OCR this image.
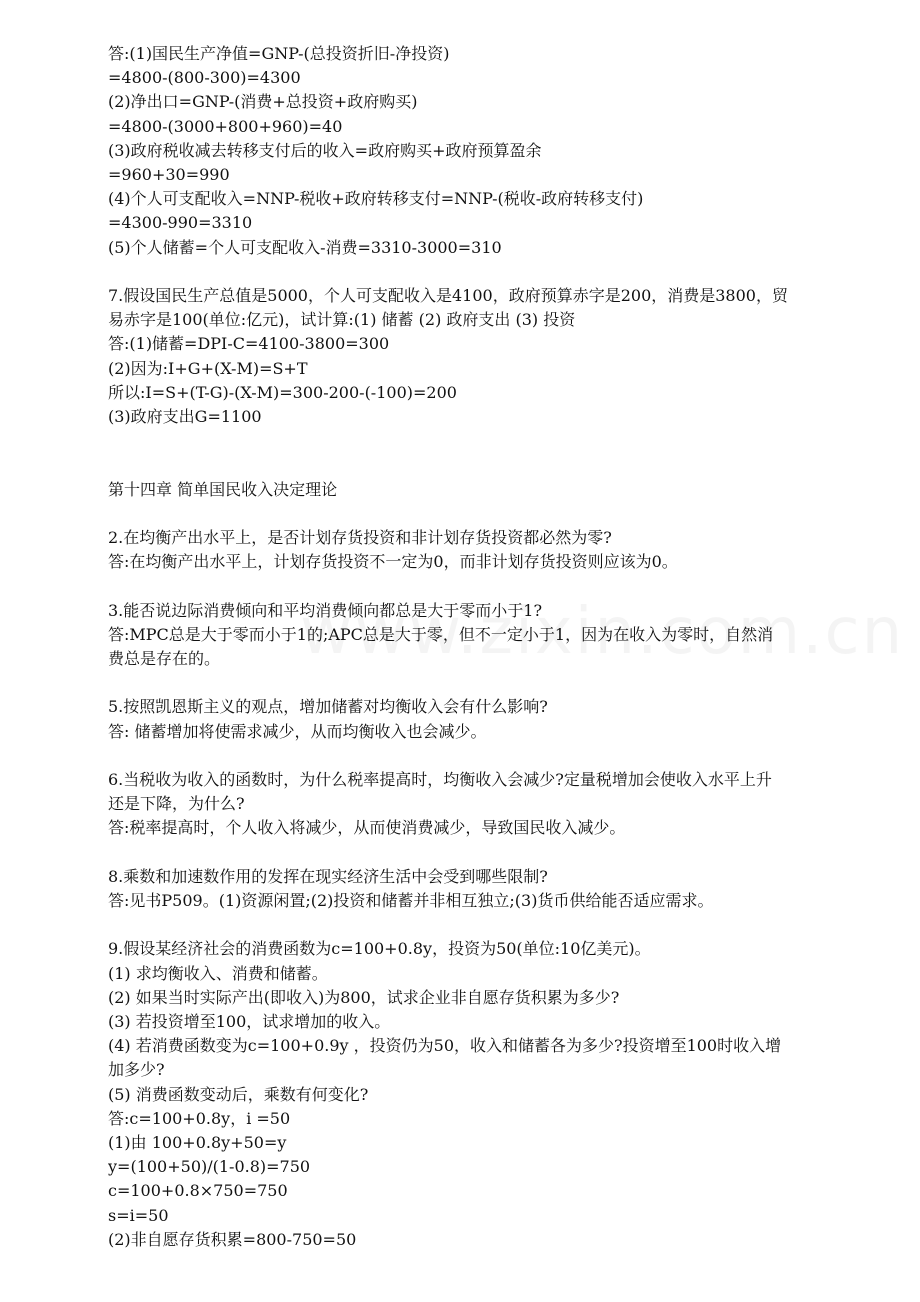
答:(1)国民生产净值=GNP-(总投资折旧-净投资)
=4800-(800-300)=4300
(2)净出口=GNP-(消费+总投资+政府购买)
=4800-(3000+800+960)=40
(3)政府税收减去转移支付后的收入=政府购买+政府预算盈余
=960+30=990
(4)个人可支配收入=NNP-税收+政府转移支付=NNP-(税收-政府转移支付)
=4300-990=3310
(5)个人储蓄=个人可支配收入-消费=3310-3000=310
7.假设国民生产总值是5000，个人可支配收入是4100，政府预算赤字是200，消费是3800，贸
易赤字是100(单位:亿元)，试计算:(1) 储蓄 (2) 政府支出 (3) 投资
答:(1)储蓄=DPI-C=4100-3800=300
(2)因为:I+G+(X-M)=S+T
所以:I=S+(T-G)-(X-M)=300-200-(-100)=200
(3)政府支出G=1100
第十四章 简单国民收入决定理论
2.在均衡产出水平上，是否计划存货投资和非计划存货投资都必然为零?
答:在均衡产出水平上，计划存货投资不一定为0，而非计划存货投资则应该为0。
3.能否说边际消费倾向和平均消费倾向都总是大于零而小于1?
答:MPC总是大于零而小于1的;APC总是大于零，但不一定小于1，因为在收入为零时，自然消
费总是存在的。
5.按照凯恩斯主义的观点，增加储蓄对均衡收入会有什么影响?
答: 储蓄增加将使需求减少，从而均衡收入也会减少。
6.当税收为收入的函数时，为什么税率提高时，均衡收入会减少?定量税增加会使收入水平上升
还是下降，为什么?
答:税率提高时，个人收入将减少，从而使消费减少，导致国民收入减少。
8.乘数和加速数作用的发挥在现实经济生活中会受到哪些限制?
答:见书P509。(1)资源闲置;(2)投资和储蓄并非相互独立;(3)货币供给能否适应需求。
9.假设某经济社会的消费函数为c=100+0.8y，投资为50(单位:10亿美元)。
(1) 求均衡收入、消费和储蓄。
(2) 如果当时实际产出(即收入)为800，试求企业非自愿存货积累为多少?
(3) 若投资增至100，试求增加的收入。
(4) 若消费函数变为c=100+0.9y ，投资仍为50，收入和储蓄各为多少?投资增至100时收入增
加多少?
(5) 消费函数变动后，乘数有何变化?
答:c=100+0.8y，i =50
(1)由 100+0.8y+50=y
y=(100+50)/(1-0.8)=750
c=100+0.8×750=750
s=i=50
(2)非自愿存货积累=800-750=50
